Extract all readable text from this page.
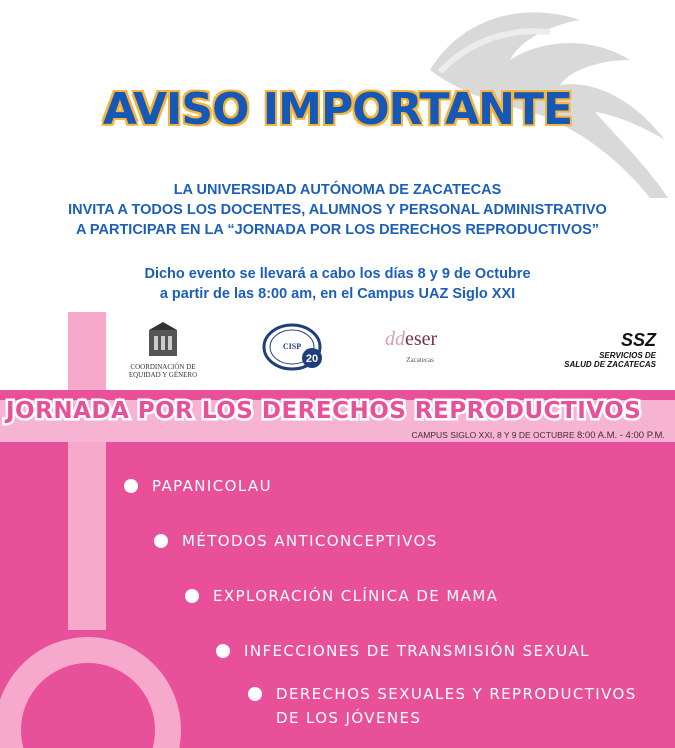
AVISO IMPORTANTE
LA UNIVERSIDAD AUTÓNOMA DE ZACATECAS
INVITA A TODOS LOS DOCENTES, ALUMNOS Y PERSONAL ADMINISTRATIVO
A PARTICIPAR EN LA “JORNADA POR LOS DERECHOS REPRODUCTIVOS”
Dicho evento se llevará a cabo los días 8 y 9 de Octubre
a partir de las 8:00 am, en el Campus UAZ Siglo XXI
COORDINACIÓN DE
EQUIDAD Y GÉNERO
CISP
20
ddeser

Zacatecas
SSZ
SERVICIOS DE
SALUD DE ZACATECAS
JORNADA POR LOS DERECHOS REPRODUCTIVOS
CAMPUS SIGLO XXI, 8 Y 9 DE OCTUBRE 8:00 A.M. - 4:00 P.M.
PAPANICOLAU
MÉTODOS ANTICONCEPTIVOS
EXPLORACIÓN CLÍNICA DE MAMA
INFECCIONES DE TRANSMISIÓN SEXUAL
DERECHOS SEXUALES Y REPRODUCTIVOS
DE LOS JÓVENES
